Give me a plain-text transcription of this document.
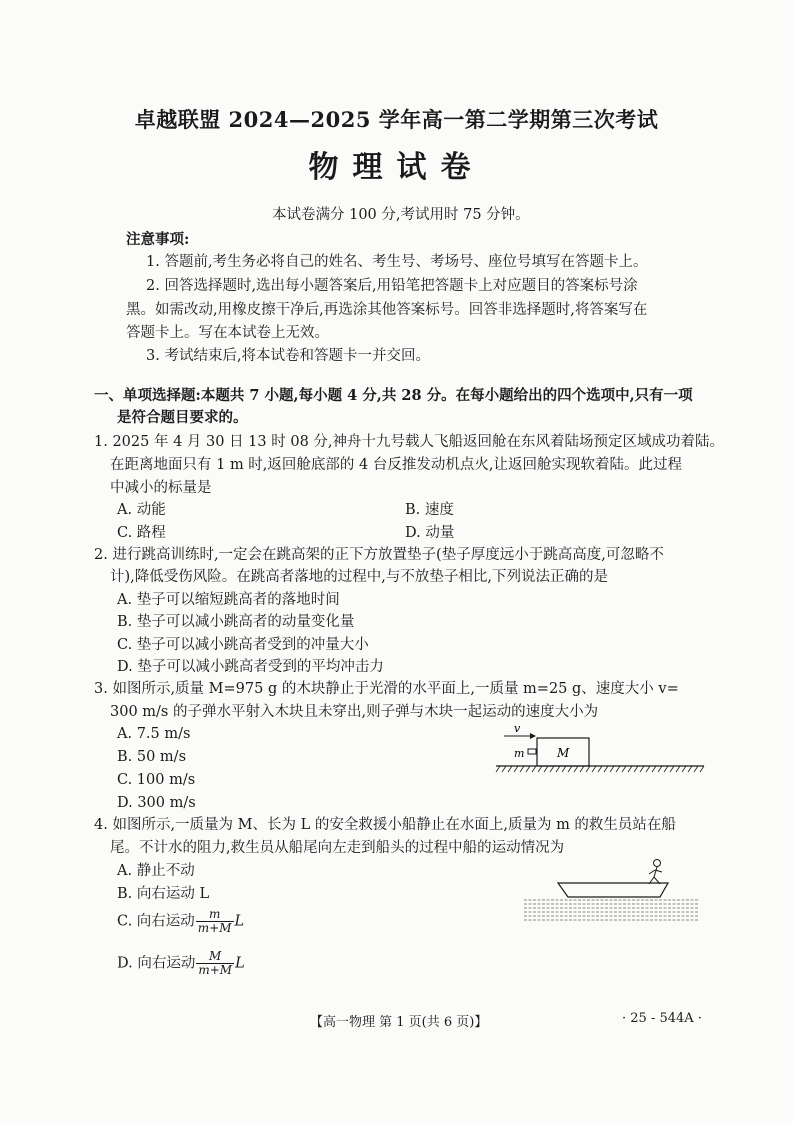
卓越联盟 2024—2025 学年高一第二学期第三次考试
物理试卷
本试卷满分 100 分,考试用时 75 分钟。
注意事项:
1. 答题前,考生务必将自己的姓名、考生号、考场号、座位号填写在答题卡上。
2. 回答选择题时,选出每小题答案后,用铅笔把答题卡上对应题目的答案标号涂
黑。如需改动,用橡皮擦干净后,再选涂其他答案标号。回答非选择题时,将答案写在
答题卡上。写在本试卷上无效。
3. 考试结束后,将本试卷和答题卡一并交回。
一、单项选择题:本题共 7 小题,每小题 4 分,共 28 分。在每小题给出的四个选项中,只有一项
是符合题目要求的。
1. 2025 年 4 月 30 日 13 时 08 分,神舟十九号载人飞船返回舱在东风着陆场预定区域成功着陆。
在距离地面只有 1 m 时,返回舱底部的 4 台反推发动机点火,让返回舱实现软着陆。此过程
中减小的标量是
A. 动能	B. 速度
C. 路程	D. 动量
2. 进行跳高训练时,一定会在跳高架的正下方放置垫子(垫子厚度远小于跳高高度,可忽略不
计),降低受伤风险。在跳高者落地的过程中,与不放垫子相比,下列说法正确的是
A. 垫子可以缩短跳高者的落地时间
B. 垫子可以减小跳高者的动量变化量
C. 垫子可以减小跳高者受到的冲量大小
D. 垫子可以减小跳高者受到的平均冲击力
3. 如图所示,质量 M=975 g 的木块静止于光滑的水平面上,一质量 m=25 g、速度大小 v=
300 m/s 的子弹水平射入木块且未穿出,则子弹与木块一起运动的速度大小为
A. 7.5 m/s
B. 50 m/s
C. 100 m/s
D. 300 m/s
v
m	M
4. 如图所示,一质量为 M、长为 L 的安全救援小船静止在水面上,质量为 m 的救生员站在船
尾。不计水的阻力,救生员从船尾向左走到船头的过程中船的运动情况为
A. 静止不动
B. 向右运动 L
C. 向右运动 $\frac{m}{m+M}$ L
D. 向右运动 $\frac{M}{m+M}$ L
【高一物理 第 1 页(共 6 页)】	· 25 - 544A ·
